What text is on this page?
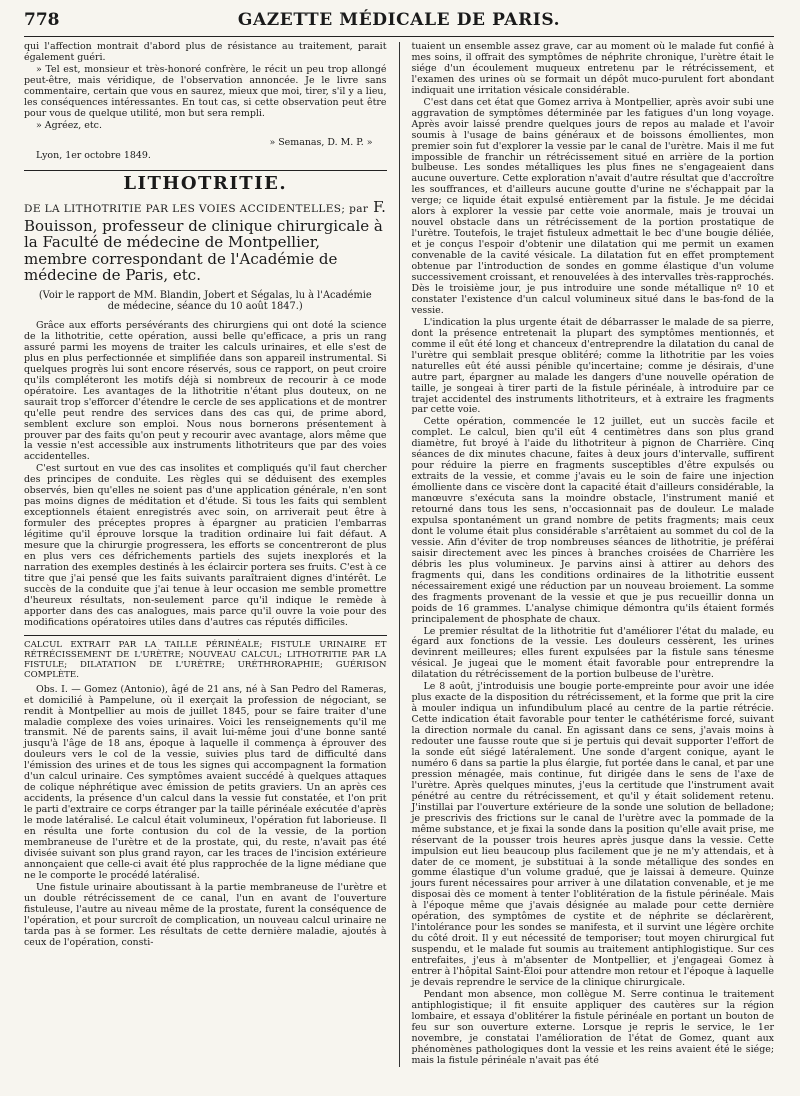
778	GAZETTE MÉDICALE DE PARIS.

qui l'affection montrait d'abord plus de résistance au traitement, parait également guéri.

» Tel est, monsieur et très-honoré confrère, le récit un peu trop allongé peut-être, mais véridique, de l'observation annoncée. Je le livre sans commentaire, certain que vous en saurez, mieux que moi, tirer, s'il y a lieu, les conséquences intéressantes. En tout cas, si cette observation peut être pour vous de quelque utilité, mon but sera rempli.

» Agréez, etc.

» Semanas, D. M. P. »

Lyon, 1er octobre 1849.

LITHOTRITIE.

DE LA LITHOTRITIE PAR LES VOIES ACCIDENTELLES; par F. Bouisson, professeur de clinique chirurgicale à la Faculté de médecine de Montpellier, membre correspondant de l'Académie de médecine de Paris, etc.

(Voir le rapport de MM. Blandin, Jobert et Ségalas, lu à l'Académie de médecine, séance du 10 août 1847.)

Grâce aux efforts persévérants des chirurgiens qui ont doté la science de la lithotritie, cette opération, aussi belle qu'efficace, a pris un rang assuré parmi les moyens de traiter les calculs urinaires, et elle s'est de plus en plus perfectionnée et simplifiée dans son appareil instrumental. Si quelques progrès lui sont encore réservés, sous ce rapport, on peut croire qu'ils compléteront les motifs déjà si nombreux de recourir à ce mode opératoire. Les avantages de la lithotritie n'étant plus douteux, on ne saurait trop s'efforcer d'étendre le cercle de ses applications et de montrer qu'elle peut rendre des services dans des cas qui, de prime abord, semblent exclure son emploi. Nous nous bornerons présentement à prouver par des faits qu'on peut y recourir avec avantage, alors même que la vessie n'est accessible aux instruments lithotriteurs que par des voies accidentelles.

C'est surtout en vue des cas insolites et compliqués qu'il faut chercher des principes de conduite. Les règles qui se déduisent des exemples observés, bien qu'elles ne soient pas d'une application générale, n'en sont pas moins dignes de méditation et d'étude. Si tous les faits qui semblent exceptionnels étaient enregistrés avec soin, on arriverait peut être à formuler des préceptes propres à épargner au praticien l'embarras légitime qu'il éprouve lorsque la tradition ordinaire lui fait défaut. A mesure que la chirurgie progressera, les efforts se concentreront de plus en plus vers ces défrichements partiels des sujets inexplorés et la narration des exemples destinés à les éclaircir portera ses fruits. C'est à ce titre que j'ai pensé que les faits suivants paraîtraient dignes d'intérêt. Le succès de la conduite que j'ai tenue à leur occasion me semble promettre d'heureux résultats, non-seulement parce qu'il indique le remède à apporter dans des cas analogues, mais parce qu'il ouvre la voie pour des modifications opératoires utiles dans d'autres cas réputés difficiles.

CALCUL EXTRAIT PAR LA TAILLE PÉRINÉALE; FISTULE URINAIRE ET RÉTRÉCISSEMENT DE L'URÈTRE; NOUVEAU CALCUL; LITHOTRITIE PAR LA FISTULE; DILATATION DE L'URÈTRE; URÉTHRORAPHIE; GUÉRISON COMPLÈTE.

Obs. I. — Gomez (Antonio), âgé de 21 ans, né à San Pedro del Rameras, et domicilié à Pampelune, où il exerçait la profession de négociant, se rendit à Montpellier au mois de juillet 1845, pour se faire traiter d'une maladie complexe des voies urinaires. Voici les renseignements qu'il me transmit. Né de parents sains, il avait lui-même joui d'une bonne santé jusqu'à l'âge de 18 ans, époque à laquelle il commença à éprouver des douleurs vers le col de la vessie, suivies plus tard de difficulté dans l'émission des urines et de tous les signes qui accompagnent la formation d'un calcul urinaire. Ces symptômes avaient succédé à quelques attaques de colique néphrétique avec émission de petits graviers. Un an après ces accidents, la présence d'un calcul dans la vessie fut constatée, et l'on prit le parti d'extraire ce corps étranger par la taille périnéale exécutée d'après le mode latéralisé. Le calcul était volumineux, l'opération fut laborieuse. Il en résulta une forte contusion du col de la vessie, de la portion membraneuse de l'urètre et de la prostate, qui, du reste, n'avait pas été divisée suivant son plus grand rayon, car les traces de l'incision extérieure annonçaient que celle-ci avait été plus rapprochée de la ligne médiane que ne le comporte le procédé latéralisé.

Une fistule urinaire aboutissant à la partie membraneuse de l'urètre et un double rétrécissement de ce canal, l'un en avant de l'ouverture fistuleuse, l'autre au niveau même de la prostate, furent la conséquence de l'opération, et pour surcroît de complication, un nouveau calcul urinaire ne tarda pas à se former. Les résultats de cette dernière maladie, ajoutés à ceux de l'opération, consti-

tuaient un ensemble assez grave, car au moment où le malade fut confié à mes soins, il offrait des symptômes de néphrite chronique, l'urètre était le siége d'un écoulement muqueux entretenu par le rétrécissement, et l'examen des urines où se formait un dépôt muco-purulent fort abondant indiquait une irritation vésicale considérable.

C'est dans cet état que Gomez arriva à Montpellier, après avoir subi une aggravation de symptômes déterminée par les fatigues d'un long voyage. Après avoir laissé prendre quelques jours de repos au malade et l'avoir soumis à l'usage de bains généraux et de boissons émollientes, mon premier soin fut d'explorer la vessie par le canal de l'urètre. Mais il me fut impossible de franchir un rétrécissement situé en arrière de la portion bulbeuse. Les sondes métalliques les plus fines ne s'engageaient dans aucune ouverture. Cette exploration n'avait d'autre résultat que d'accroître les souffrances, et d'ailleurs aucune goutte d'urine ne s'échappait par la verge; ce liquide était expulsé entièrement par la fistule. Je me décidai alors à explorer la vessie par cette voie anormale, mais je trouvai un nouvel obstacle dans un rétrécissement de la portion prostatique de l'urètre. Toutefois, le trajet fistuleux admettait le bec d'une bougie déliée, et je conçus l'espoir d'obtenir une dilatation qui me permit un examen convenable de la cavité vésicale. La dilatation fut en effet promptement obtenue par l'introduction de sondes en gomme élastique d'un volume successivement croissant, et renouvelées à des intervalles très-rapprochés. Dès le troisième jour, je pus introduire une sonde métallique nº 10 et constater l'existence d'un calcul volumineux situé dans le bas-fond de la vessie.

L'indication la plus urgente était de débarrasser le malade de sa pierre, dont la présence entretenait la plupart des symptômes mentionnés, et comme il eût été long et chanceux d'entreprendre la dilatation du canal de l'urètre qui semblait presque oblitéré; comme la lithotritie par les voies naturelles eût été aussi pénible qu'incertaine; comme je désirais, d'une autre part, épargner au malade les dangers d'une nouvelle opération de taille, je songeai à tirer parti de la fistule périnéale, à introduire par ce trajet accidentel des instruments lithotriteurs, et à extraire les fragments par cette voie.

Cette opération, commencée le 12 juillet, eut un succès facile et complet. Le calcul, bien qu'il eût 4 centimètres dans son plus grand diamètre, fut broyé à l'aide du lithotriteur à pignon de Charrière. Cinq séances de dix minutes chacune, faites à deux jours d'intervalle, suffirent pour réduire la pierre en fragments susceptibles d'être expulsés ou extraits de la vessie, et comme j'avais eu le soin de faire une injection émolliente dans ce viscère dont la capacité était d'ailleurs considérable, la manœuvre s'exécuta sans la moindre obstacle, l'instrument manié et retourné dans tous les sens, n'occasionnait pas de douleur. Le malade expulsa spontanément un grand nombre de petits fragments; mais ceux dont le volume était plus considérable s'arrêtaient au sommet du col de la vessie. Afin d'éviter de trop nombreuses séances de lithotritie, je préférai saisir directement avec les pinces à branches croisées de Charrière les débris les plus volumineux. Je parvins ainsi à attirer au dehors des fragments qui, dans les conditions ordinaires de la lithotritie eussent nécessairement exigé une réduction par un nouveau broiement. La somme des fragments provenant de la vessie et que je pus recueillir donna un poids de 16 grammes. L'analyse chimique démontra qu'ils étaient formés principalement de phosphate de chaux.

Le premier résultat de la lithotritie fut d'améliorer l'état du malade, eu égard aux fonctions de la vessie. Les douleurs cessèrent, les urines devinrent meilleures; elles furent expulsées par la fistule sans ténesme vésical. Je jugeai que le moment était favorable pour entreprendre la dilatation du rétrécissement de la portion bulbeuse de l'urètre.

Le 8 août, j'introduisis une bougie porte-empreinte pour avoir une idée plus exacte de la disposition du rétrécissement, et la forme que prit la cire à mouler indiqua un infundibulum placé au centre de la partie rétrécie. Cette indication était favorable pour tenter le cathétérisme forcé, suivant la direction normale du canal. En agissant dans ce sens, j'avais moins à redouter une fausse route que si je pertuis qui devait supporter l'effort de la sonde eût siégé latéralement. Une sonde d'argent conique, ayant le numéro 6 dans sa partie la plus élargie, fut portée dans le canal, et par une pression ménagée, mais continue, fut dirigée dans le sens de l'axe de l'urètre. Après quelques minutes, j'eus la certitude que l'instrument avait pénétré au centre du rétrécissement, et qu'il y était solidement retenu. J'instillai par l'ouverture extérieure de la sonde une solution de belladone; je prescrivis des frictions sur le canal de l'urètre avec la pommade de la même substance, et je fixai la sonde dans la position qu'elle avait prise, me réservant de la pousser trois heures après jusque dans la vessie. Cette impulsion eut lieu beaucoup plus facilement que je ne m'y attendais, et à dater de ce moment, je substituai à la sonde métallique des sondes en gomme élastique d'un volume gradué, que je laissai à demeure. Quinze jours furent nécessaires pour arriver à une dilatation convenable, et je me disposai dès ce moment à tenter l'oblitération de la fistule périnéale. Mais à l'époque même que j'avais désignée au malade pour cette dernière opération, des symptômes de cystite et de néphrite se déclarèrent, l'intolérance pour les sondes se manifesta, et il survint une légère orchite du côté droit. Il y eut nécessité de temporiser; tout moyen chirurgical fut suspendu, et le malade fut soumis au traitement antiphlogistique. Sur ces entrefaites, j'eus à m'absenter de Montpellier, et j'engageai Gomez à entrer à l'hôpital Saint-Éloi pour attendre mon retour et l'époque à laquelle je devais reprendre le service de la clinique chirurgicale.

Pendant mon absence, mon collègue M. Serre continua le traitement antiphlogistique; il fit ensuite appliquer des cautères sur la région lombaire, et essaya d'oblitérer la fistule périnéale en portant un bouton de feu sur son ouverture externe. Lorsque je repris le service, le 1er novembre, je constatai l'amélioration de l'état de Gomez, quant aux phénomènes pathologiques dont la vessie et les reins avaient été le siége; mais la fistule périnéale n'avait pas été
